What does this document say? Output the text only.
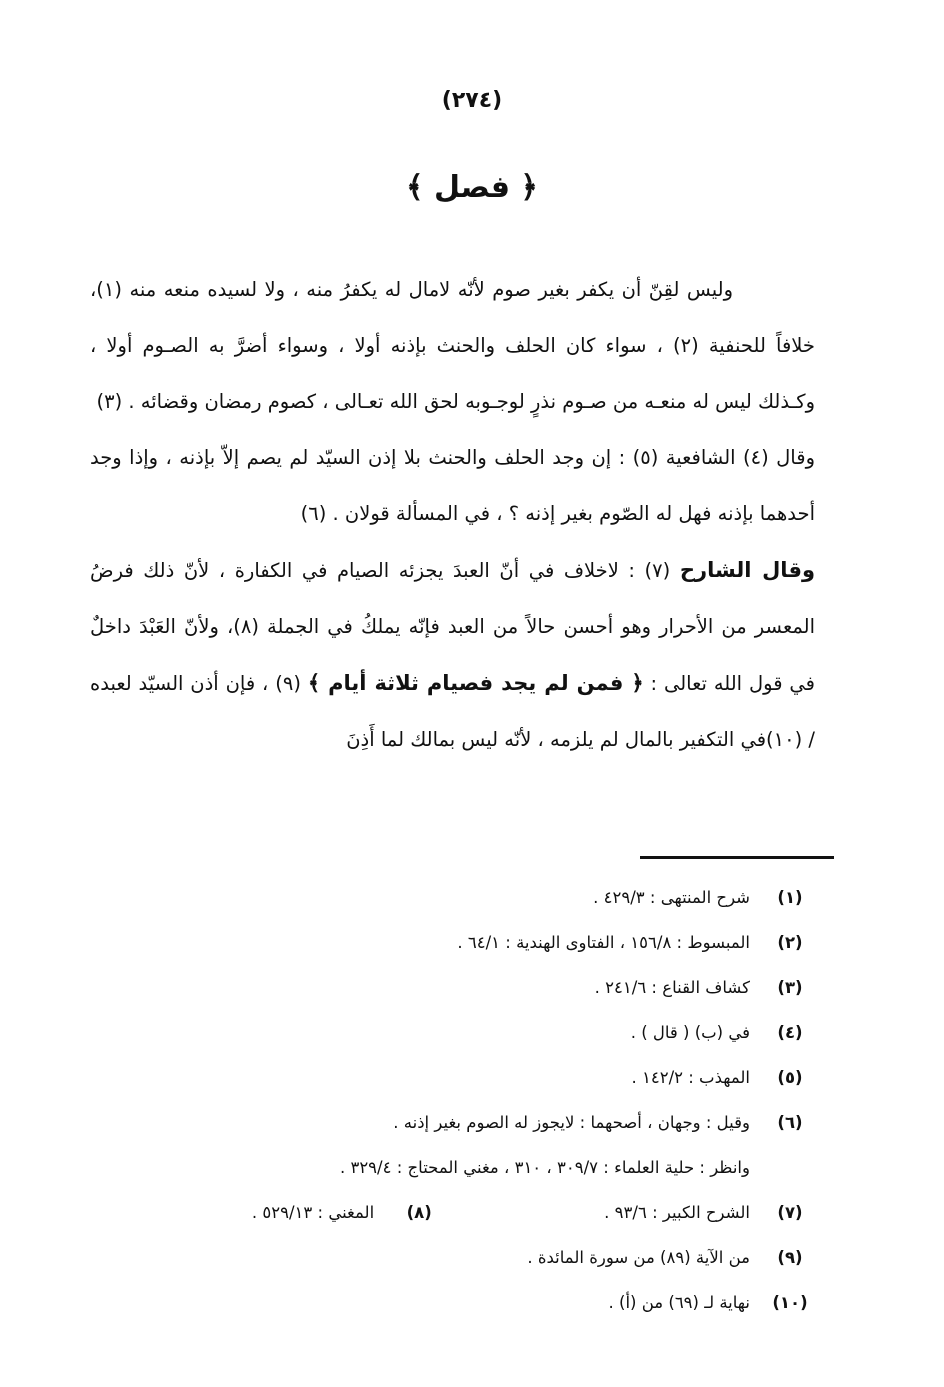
(٢٧٤)
﴿ فصل ﴾

وليس لقِنّ أن يكفر بغير صوم لأنّه لامال له يكفرُ منه ، ولا لسيده منعه منه (١)، خلافاً للحنفية (٢) ، سواء كان الحلف والحنث بإذنه أولا ، وسواء أضرَّ به الصـوم أولا ، وكـذلك ليس له منعـه من صـوم نذرٍ لوجـوبه لحق الله تعـالى ، كصوم رمضان وقضائه . (٣)

وقال (٤) الشافعية (٥) : إن وجد الحلف والحنث بلا إذن السيّد لم يصم إلاّ بإذنه ، وإذا وجد أحدهما بإذنه فهل له الصّوم بغير إذنه ؟ ، في المسألة قولان . (٦)

وقال الشارح (٧) : لاخلاف في أنّ العبدَ يجزئه الصيام في الكفارة ، لأنّ ذلك فرضُ المعسر من الأحرار وهو أحسن حالاً من العبد فإنّه يملكُ في الجملة (٨)، ولأنّ العَبْدَ داخلٌ في قول الله تعالى : ﴿ فمن لم يجد فصيام ثلاثة أيام ﴾ (٩) ، فإن أذن السيّد لعبده / (١٠)في التكفير بالمال لم يلزمه ، لأنّه ليس بمالك لما أَذِنَ

(١)
شرح المنتهى : ٤٢٩/٣ .
(٢)
المبسوط : ١٥٦/٨ ، الفتاوى الهندية : ٦٤/١ .
(٣)
كشاف القناع : ٢٤١/٦ .
(٤)
في (ب) ( قال ) .
(٥)
المهذب : ١٤٢/٢ .
(٦)
وقيل : وجهان ، أصحهما : لايجوز له الصوم بغير إذنه .
وانظر : حلية العلماء : ٣٠٩/٧ ، ٣١٠ ، مغني المحتاج : ٣٢٩/٤ .
(٧)
الشرح الكبير : ٩٣/٦ .(٨)المغني : ٥٢٩/١٣ .
(٩)
من الآية (٨٩) من سورة المائدة .
(١٠)
نهاية لـ (٦٩) من (أ) .
